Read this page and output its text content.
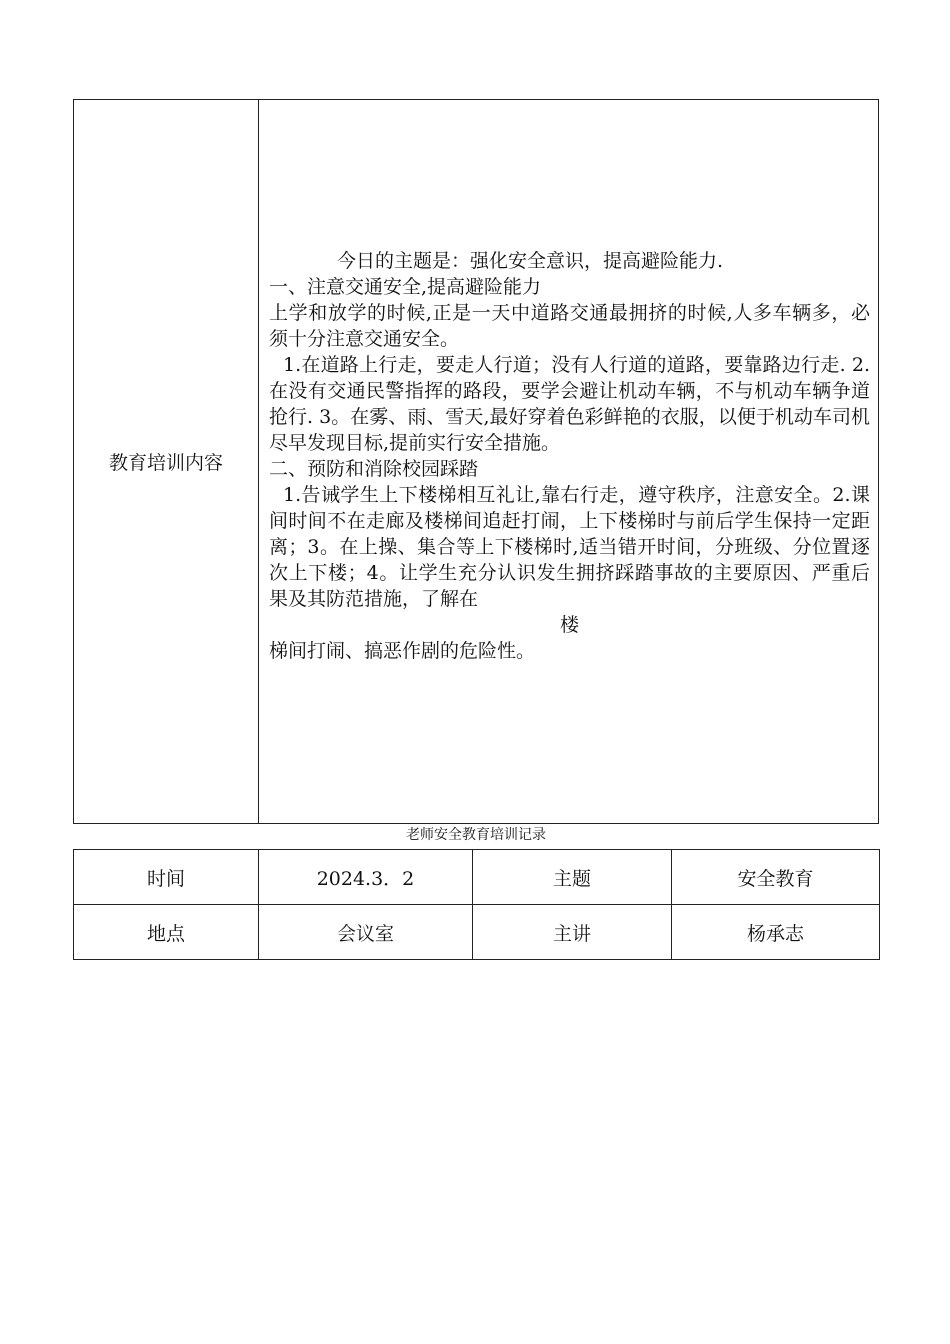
教育培训内容

今日的主题是：强化安全意识，提高避险能力.

一、注意交通安全,提高避险能力

上学和放学的时候,正是一天中道路交通最拥挤的时候,人多车辆多，必须十分注意交通安全。

1.在道路上行走，要走人行道；没有人行道的道路，要靠路边行走. 2.在没有交通民警指挥的路段，要学会避让机动车辆，不与机动车辆争道抢行. 3。在雾、雨、雪天,最好穿着色彩鲜艳的衣服，以便于机动车司机尽早发现目标,提前实行安全措施。

二、预防和消除校园踩踏

1.告诫学生上下楼梯相互礼让,靠右行走，遵守秩序，注意安全。2.课间时间不在走廊及楼梯间追赶打闹，上下楼梯时与前后学生保持一定距离；3。在上操、集合等上下楼梯时,适当错开时间，分班级、分位置逐次上下楼；4。让学生充分认识发生拥挤踩踏事故的主要原因、严重后果及其防范措施，了解在

楼

梯间打闹、搞恶作剧的危险性。

老师安全教育培训记录
时间	2024.3．2	主题	安全教育
地点	会议室	主讲	杨承志
